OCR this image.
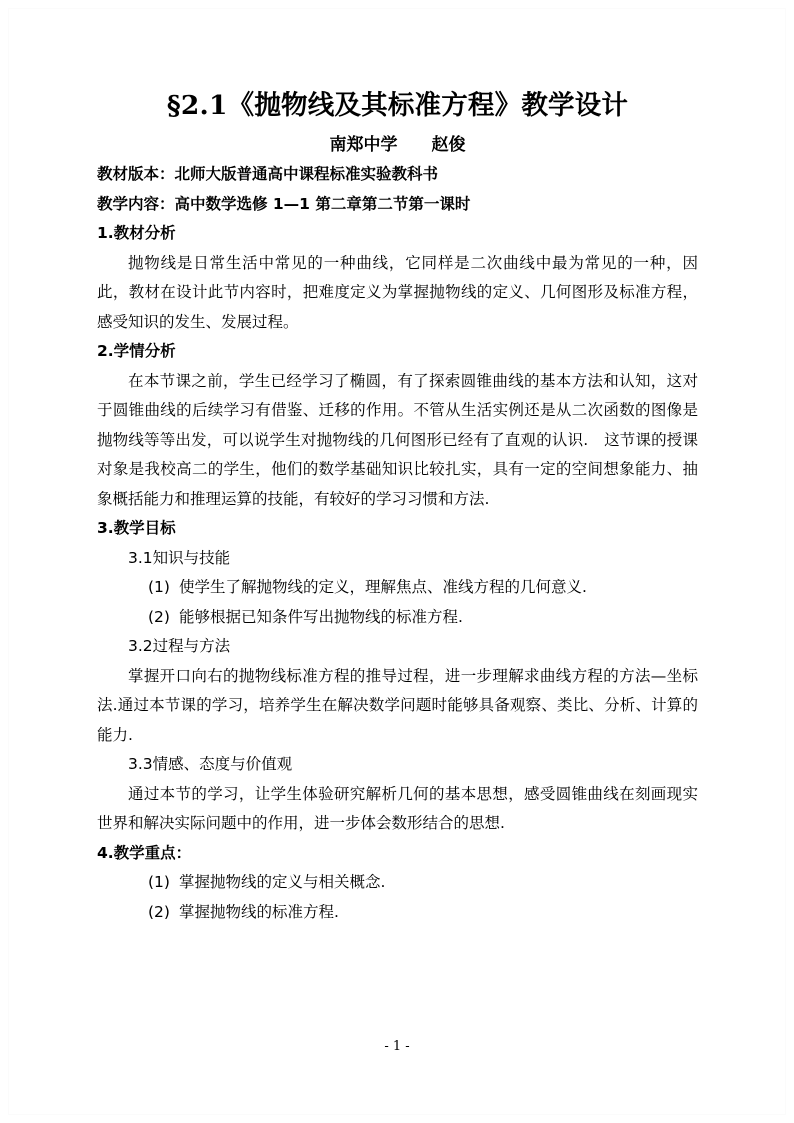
§2.1《抛物线及其标准方程》教学设计
南郑中学　　赵俊
教材版本：北师大版普通高中课程标准实验教科书
教学内容：高中数学选修 1—1 第二章第二节第一课时
1.教材分析

抛物线是日常生活中常见的一种曲线，它同样是二次曲线中最为常见的一种，因此，教材在设计此节内容时，把难度定义为掌握抛物线的定义、几何图形及标准方程，感受知识的发生、发展过程。

2.学情分析

在本节课之前，学生已经学习了椭圆，有了探索圆锥曲线的基本方法和认知，这对于圆锥曲线的后续学习有借鉴、迁移的作用。不管从生活实例还是从二次函数的图像是抛物线等等出发，可以说学生对抛物线的几何图形已经有了直观的认识.　这节课的授课对象是我校高二的学生，他们的数学基础知识比较扎实，具有一定的空间想象能力、抽象概括能力和推理运算的技能，有较好的学习习惯和方法.

3.教学目标
3.1知识与技能
(1) 使学生了解抛物线的定义，理解焦点、准线方程的几何意义.
(2) 能够根据已知条件写出抛物线的标准方程.
3.2过程与方法

掌握开口向右的抛物线标准方程的推导过程，进一步理解求曲线方程的方法—坐标法.通过本节课的学习，培养学生在解决数学问题时能够具备观察、类比、分析、计算的能力.

3.3情感、态度与价值观

通过本节的学习，让学生体验研究解析几何的基本思想，感受圆锥曲线在刻画现实世界和解决实际问题中的作用，进一步体会数形结合的思想.

4.教学重点：
(1) 掌握抛物线的定义与相关概念.
(2) 掌握抛物线的标准方程.
- 1 -
